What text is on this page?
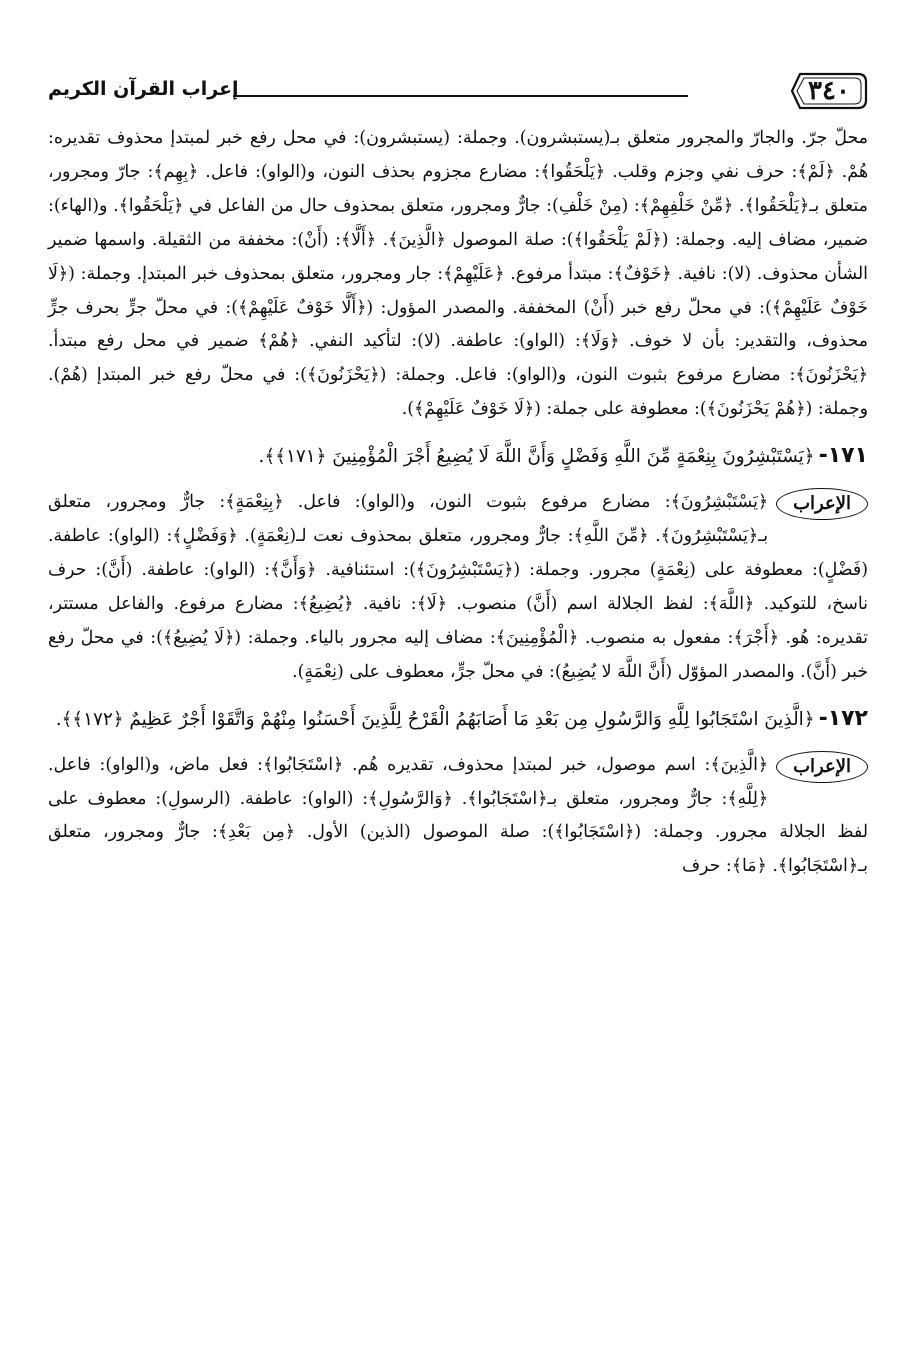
٣٤٠
إعراب القرآن الكريم

محلّ جرّ. والجارّ والمجرور متعلق بـ(يستبشرون). وجملة: (يستبشرون): في محل رفع خبر لمبتدإ محذوف تقديره: هُمْ. ﴿لَمْ﴾: حرف نفي وجزم وقلب. ﴿يَلْحَقُوا﴾: مضارع مجزوم بحذف النون، و(الواو): فاعل. ﴿بِهِم﴾: جارّ ومجرور، متعلق بـ﴿يَلْحَقُوا﴾. ﴿مِّنْ خَلْفِهِمْ﴾: (مِنْ خَلْفِ): جارٌّ ومجرور، متعلق بمحذوف حال من الفاعل في ﴿يَلْحَقُوا﴾. و(الهاء): ضمير، مضاف إليه. وجملة: (﴿لَمْ يَلْحَقُوا﴾): صلة الموصول ﴿الَّذِينَ﴾. ﴿أَلَّا﴾: (أَنْ): مخففة من الثقيلة. واسمها ضمير الشأن محذوف. (لا): نافية. ﴿خَوْفٌ﴾: مبتدأ مرفوع. ﴿عَلَيْهِمْ﴾: جار ومجرور، متعلق بمحذوف خبر المبتدإ. وجملة: (﴿لَا خَوْفٌ عَلَيْهِمْ﴾): في محلّ رفع خبر (أَنْ) المخففة. والمصدر المؤول: (﴿أَلَّا خَوْفٌ عَلَيْهِمْ﴾): في محلّ جرٍّ بحرف جرٍّ محذوف، والتقدير: بأن لا خوف. ﴿وَلَا﴾: (الواو): عاطفة. (لا): لتأكيد النفي. ﴿هُمْ﴾ ضمير في محل رفع مبتدأ. ﴿يَحْزَنُونَ﴾: مضارع مرفوع بثبوت النون، و(الواو): فاعل. وجملة: (﴿يَحْزَنُونَ﴾): في محلّ رفع خبر المبتدإ (هُمْ). وجملة: (﴿هُمْ يَحْزَنُونَ﴾): معطوفة على جملة: (﴿لَا خَوْفٌ عَلَيْهِمْ﴾).

١٧١-﴿يَسْتَبْشِرُونَ بِنِعْمَةٍ مِّنَ اللَّهِ وَفَضْلٍ وَأَنَّ اللَّهَ لَا يُضِيعُ أَجْرَ الْمُؤْمِنِينَ ﴿١٧١﴾﴾.

الإعراب

﴿يَسْتَبْشِرُونَ﴾: مضارع مرفوع بثبوت النون، و(الواو): فاعل. ﴿بِنِعْمَةٍ﴾: جارٌّ ومجرور، متعلق بـ﴿يَسْتَبْشِرُونَ﴾. ﴿مِّنَ اللَّهِ﴾: جارٌّ ومجرور، متعلق بمحذوف نعت لـ(نِعْمَةٍ). ﴿وَفَضْلٍ﴾: (الواو): عاطفة. (فَضْلٍ): معطوفة على (نِعْمَةٍ) مجرور. وجملة: (﴿يَسْتَبْشِرُونَ﴾): استئنافية. ﴿وَأَنَّ﴾: (الواو): عاطفة. (أَنَّ): حرف ناسخ، للتوكيد. ﴿اللَّهَ﴾: لفظ الجلالة اسم (أَنَّ) منصوب. ﴿لَا﴾: نافية. ﴿يُضِيعُ﴾: مضارع مرفوع. والفاعل مستتر، تقديره: هُو. ﴿أَجْرَ﴾: مفعول به منصوب. ﴿الْمُؤْمِنِينَ﴾: مضاف إليه مجرور بالياء. وجملة: (﴿لَا يُضِيعُ﴾): في محلّ رفع خبر (أَنَّ). والمصدر المؤوّل (أَنَّ اللَّهَ لا يُضِيعُ): في محلّ جرٍّ، معطوف على (نِعْمَةٍ).

١٧٢-﴿الَّذِينَ اسْتَجَابُوا لِلَّهِ وَالرَّسُولِ مِن بَعْدِ مَا أَصَابَهُمُ الْقَرْحُ لِلَّذِينَ أَحْسَنُوا مِنْهُمْ وَاتَّقَوْا أَجْرٌ عَظِيمٌ ﴿١٧٢﴾﴾.

الإعراب

﴿الَّذِينَ﴾: اسم موصول، خبر لمبتدإ محذوف، تقديره هُم. ﴿اسْتَجَابُوا﴾: فعل ماض، و(الواو): فاعل. ﴿لِلَّهِ﴾: جارٌّ ومجرور، متعلق بـ﴿اسْتَجَابُوا﴾. ﴿وَالرَّسُولِ﴾: (الواو): عاطفة. (الرسولِ): معطوف على لفظ الجلالة مجرور. وجملة: (﴿اسْتَجَابُوا﴾): صلة الموصول (الذين) الأول. ﴿مِن بَعْدِ﴾: جارٌّ ومجرور، متعلق بـ﴿اسْتَجَابُوا﴾. ﴿مَا﴾: حرف
